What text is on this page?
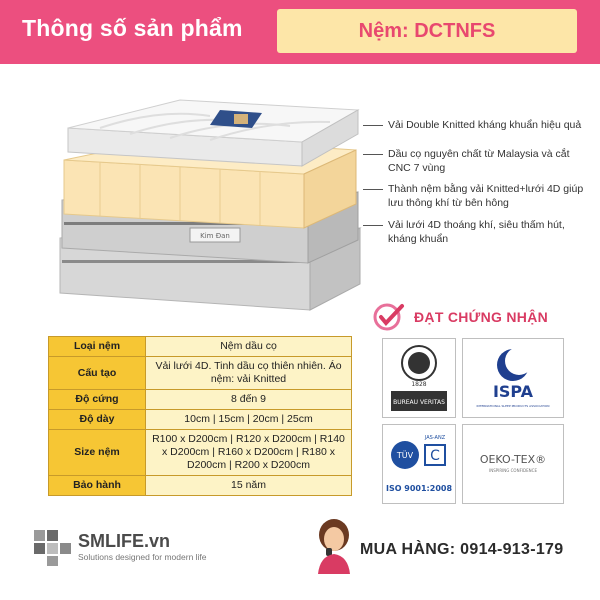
Thông số sản phẩm	Nệm: DCTNFS
Kim Đan
Vải Double Knitted kháng khuẩn hiệu quả
Dầu cọ nguyên chất từ Malaysia và cắt CNC 7 vùng
Thành nệm bằng vải Knitted+lưới 4D giúp lưu thông khí từ bên hông
Vải lưới 4D thoáng khí, siêu thấm hút, kháng khuẩn
ĐẠT CHỨNG NHẬN
1828
BUREAU VERITAS
ISPA
INTERNATIONAL SLEEP PRODUCTS ASSOCIATION
TÜV
JAS-ANZ
C
ISO 9001:2008
OEKO-TEX®
INSPIRING CONFIDENCE
Loại nệm	Nệm dầu cọ
Cấu tạo	Vải lưới 4D. Tinh dầu cọ thiên nhiên. Áo nệm: vải Knitted
Độ cứng	8 đến 9
Độ dày	10cm | 15cm | 20cm | 25cm
Size nệm	R100 x D200cm | R120 x D200cm | R140 x D200cm | R160 x D200cm | R180 x D200cm | R200 x D200cm
Bảo hành	15 năm
SMLIFE.vn
Solutions designed for modern life	MUA HÀNG: 0914-913-179
